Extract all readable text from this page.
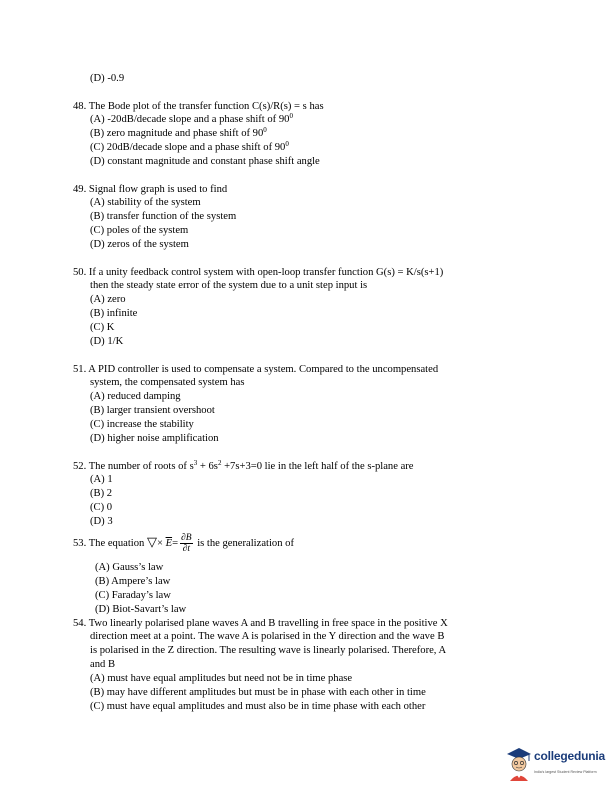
(D) -0.9
48. The Bode plot of the transfer function C(s)/R(s) = s has
(A) -20dB/decade slope and a phase shift of $90^0$
(B) zero magnitude and phase shift of $90^0$
(C) 20dB/decade slope and a phase shift of $90^0$
(D) constant magnitude and constant phase shift angle
49. Signal flow graph is used to find
(A) stability of the system
(B) transfer function of the system
(C) poles of the system
(D) zeros of the system
50. If a unity feedback control system with open-loop transfer function G(s) = K/s(s+1)
then the steady state error of the system due to a unit step input is
(A) zero
(B) infinite
(C) K
(D) 1/K
51. A PID controller is used to compensate a system. Compared to the uncompensated
system, the compensated system has
(A) reduced damping
(B) larger transient overshoot
(C) increase the stability
(D) higher noise amplification
52. The number of roots of $s^3 + 6s^2 +7s+3=0$ lie in the left half of the s-plane are
(A) 1
(B) 2
(C) 0
(D) 3
53. The equation ▽× $\overline{E}= \frac{\partial B}{\partial t}$ is the generalization of
(A) Gauss’s law
(B) Ampere’s law
(C) Faraday’s law
(D) Biot-Savart’s law
54. Two linearly polarised plane waves A and B travelling in free space in the positive X
direction meet at a point. The wave A is polarised in the Y direction and the wave B
is polarised in the Z direction. The resulting wave is linearly polarised. Therefore, A
and B
(A) must have equal amplitudes but need not be in time phase
(B) may have different amplitudes but must be in phase with each other in time
(C) must have equal amplitudes and must also be in time phase with each other
collegedunia
India's largest Student Review Platform
